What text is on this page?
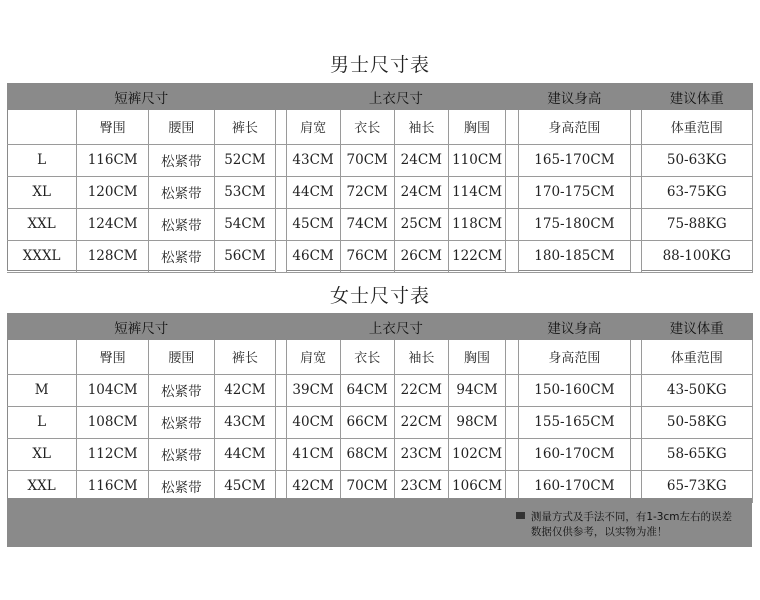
男士尺寸表
短裤尺寸					上衣尺寸					建议身高		建议体重
	臀围	腰围	裤长		肩宽	衣长	袖长	胸围		身高范围		体重范围
L	116CM	松紧带	52CM		43CM	70CM	24CM	110CM		165-170CM		50-63KG
XL	120CM	松紧带	53CM		44CM	72CM	24CM	114CM		170-175CM		63-75KG
XXL	124CM	松紧带	54CM		45CM	74CM	25CM	118CM		175-180CM		75-88KG
XXXL	128CM	松紧带	56CM		46CM	76CM	26CM	122CM		180-185CM		88-100KG
女士尺寸表
短裤尺寸					上衣尺寸					建议身高		建议体重
	臀围	腰围	裤长		肩宽	衣长	袖长	胸围		身高范围		体重范围
M	104CM	松紧带	42CM		39CM	64CM	22CM	94CM		150-160CM		43-50KG
L	108CM	松紧带	43CM		40CM	66CM	22CM	98CM		155-165CM		50-58KG
XL	112CM	松紧带	44CM		41CM	68CM	23CM	102CM		160-170CM		58-65KG
XXL	116CM	松紧带	45CM		42CM	70CM	23CM	106CM		160-170CM		65-73KG
测量方式及手法不同，有1-3cm左右的误差
数据仅供参考，以实物为准！
